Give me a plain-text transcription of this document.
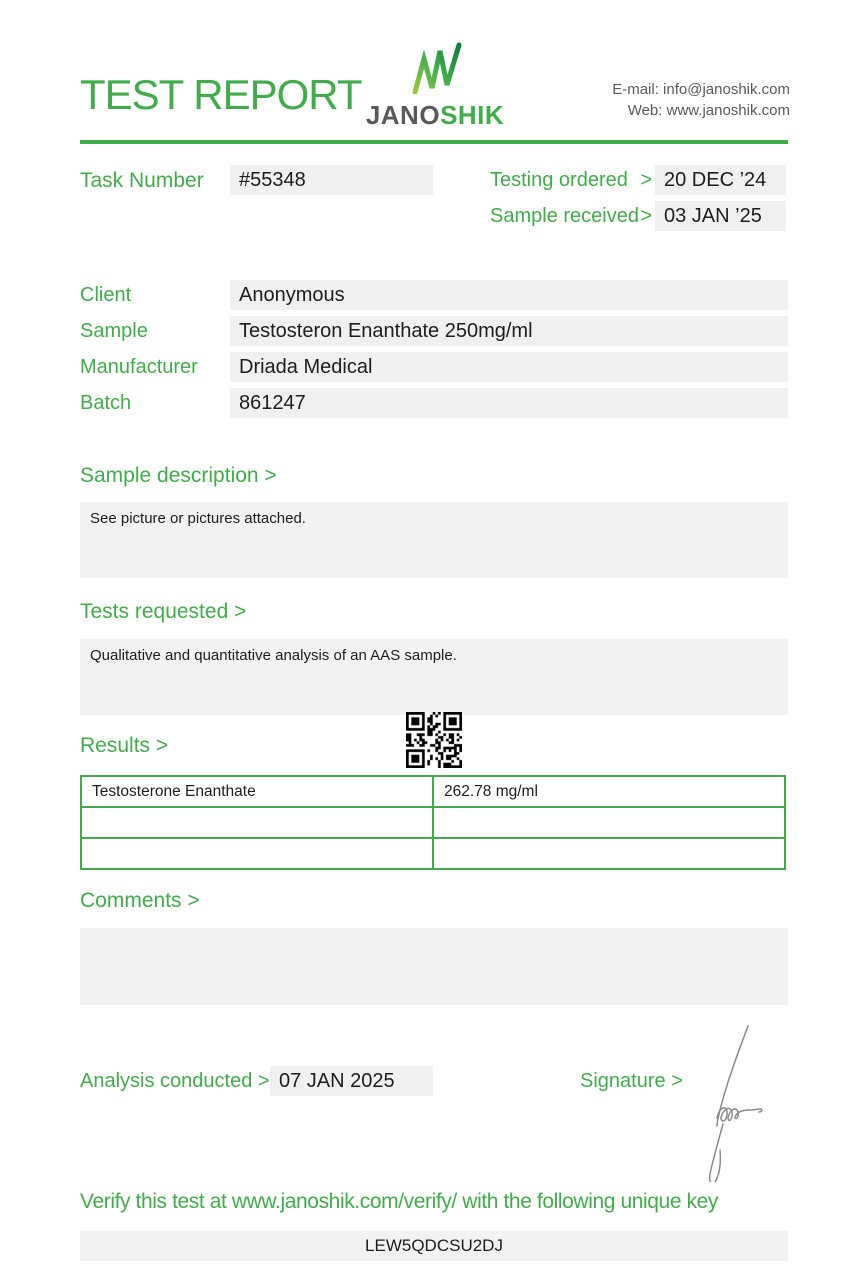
TEST REPORT JANOSHIK
E-mail: info@janoshik.com
Web: www.janoshik.com
Task Number #55348	Testing ordered > 20 DEC ’24
Sample received > 03 JAN ’25
Client	Anonymous
Sample	Testosteron Enanthate 250mg/ml
Manufacturer Driada Medical
Batch	861247
Sample description >
See picture or pictures attached.
Tests requested >
Qualitative and quantitative analysis of an AAS sample.
Results >
Testosterone Enanthate	262.78 mg/ml

Comments >
Analysis conducted > 07 JAN 2025	Signature >
Verify this test at www.janoshik.com/verify/ with the following unique key
LEW5QDCSU2DJ
